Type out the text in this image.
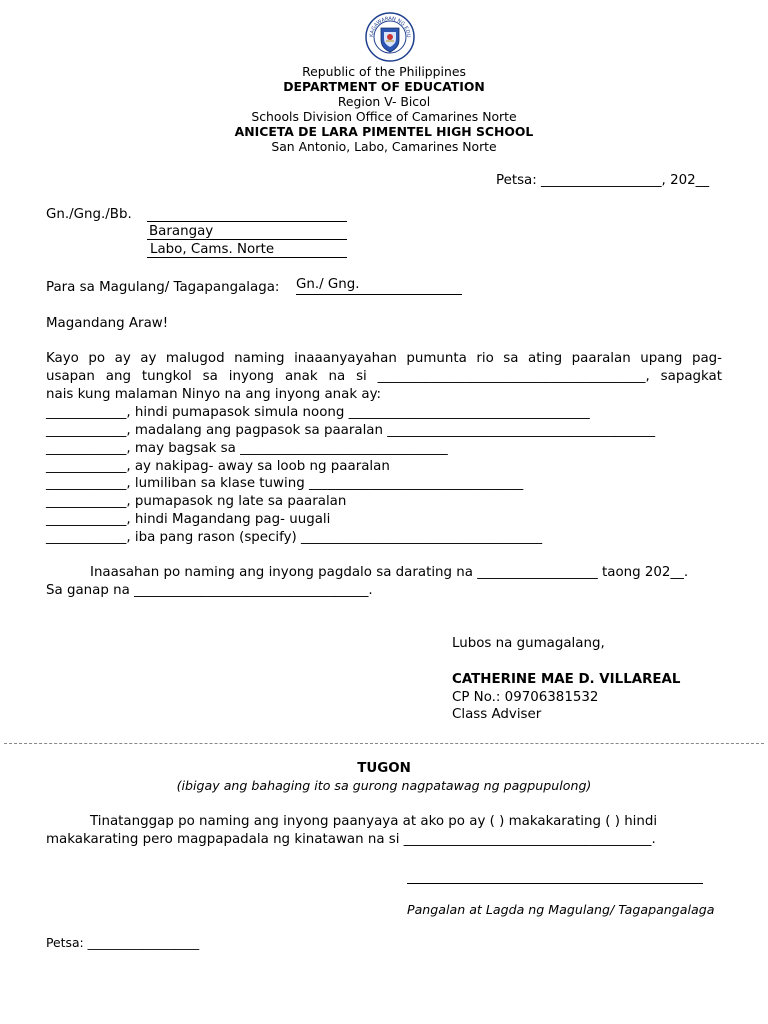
KAGAWARAN NG EDU
Republic of the Philippines
DEPARTMENT OF EDUCATION
Region V- Bicol
Schools Division Office of Camarines Norte
ANICETA DE LARA PIMENTEL HIGH SCHOOL
San Antonio, Labo, Camarines Norte
Petsa: __________________, 202__
Gn./Gng./Bb.
Barangay
Labo, Cams. Norte
Para sa Magulang/ Tagapangalaga: Gn./ Gng.
Magandang Araw!
Kayo po ay ay malugod naming inaaanyayahan pumunta rio sa ating paaralan upang pag-
usapan ang tungkol sa inyong anak na si ________________________________________, sapagkat
nais kung malaman Ninyo na ang inyong anak ay:
____________, hindi pumapasok simula noong ____________________________________
____________, madalang ang pagpasok sa paaralan ________________________________________
____________, may bagsak sa _______________________________
____________, ay nakipag- away sa loob ng paaralan
____________, lumiliban sa klase tuwing ________________________________
____________, pumapasok ng late sa paaralan
____________, hindi Magandang pag- uugali
____________, iba pang rason (specify) ____________________________________
Inaasahan po naming ang inyong pagdalo sa darating na __________________ taong 202__.
Sa ganap na ___________________________________.
Lubos na gumagalang,
CATHERINE MAE D. VILLAREAL
CP No.: 09706381532
Class Adviser
TUGON
(ibigay ang bahaging ito sa gurong nagpatawag ng pagpupulong)
Tinatanggap po naming ang inyong paanyaya at ako po ay ( ) makakarating ( ) hindi
makakarating pero magpapadala ng kinatawan na si _____________________________________.
Pangalan at Lagda ng Magulang/ Tagapangalaga
Petsa: __________________
